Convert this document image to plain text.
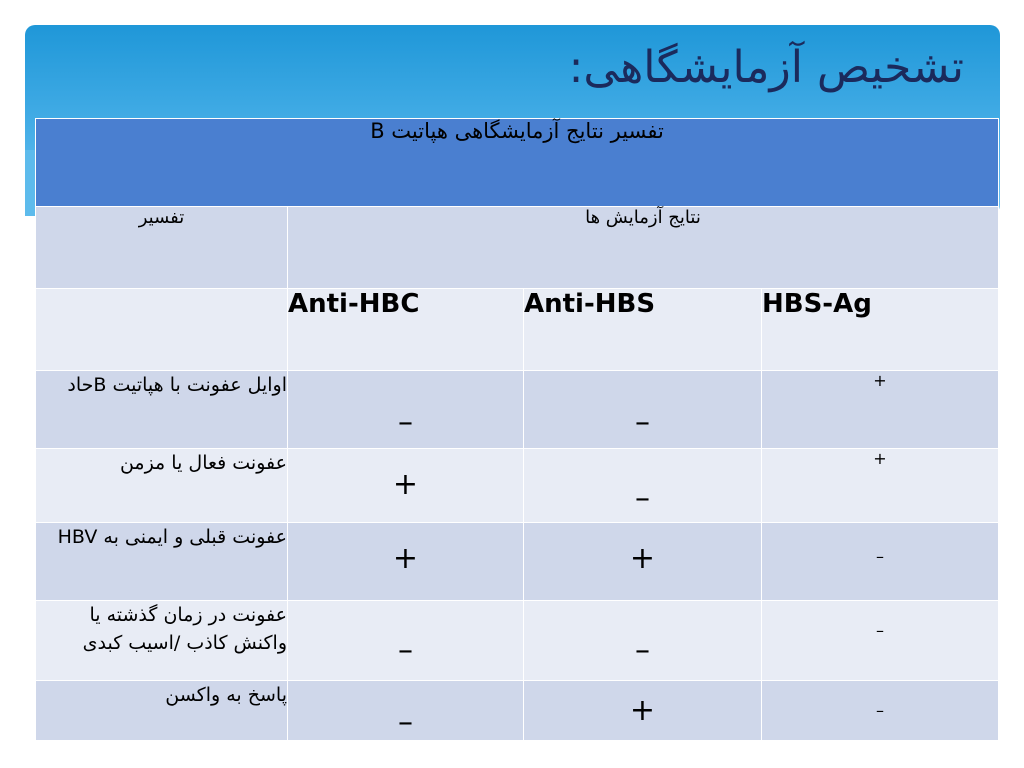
تشخیص آزمایشگاهی:
تفسیر نتایج آزمایشگاهی هپاتیت B			
تفسیر	نتایج آزمایش ها		
	Anti-HBC	Anti-HBS	HBS-Ag
اوایل عفونت با هپاتیت Bحاد	–	–	+
عفونت فعال یا مزمن	+	–	+
عفونت قبلی و ایمنی به HBV	+	+	–
عفونت در زمان گذشته یا واکنش کاذب /اسیب کبدی	–	–	–
پاسخ به واکسن	–	+	–
